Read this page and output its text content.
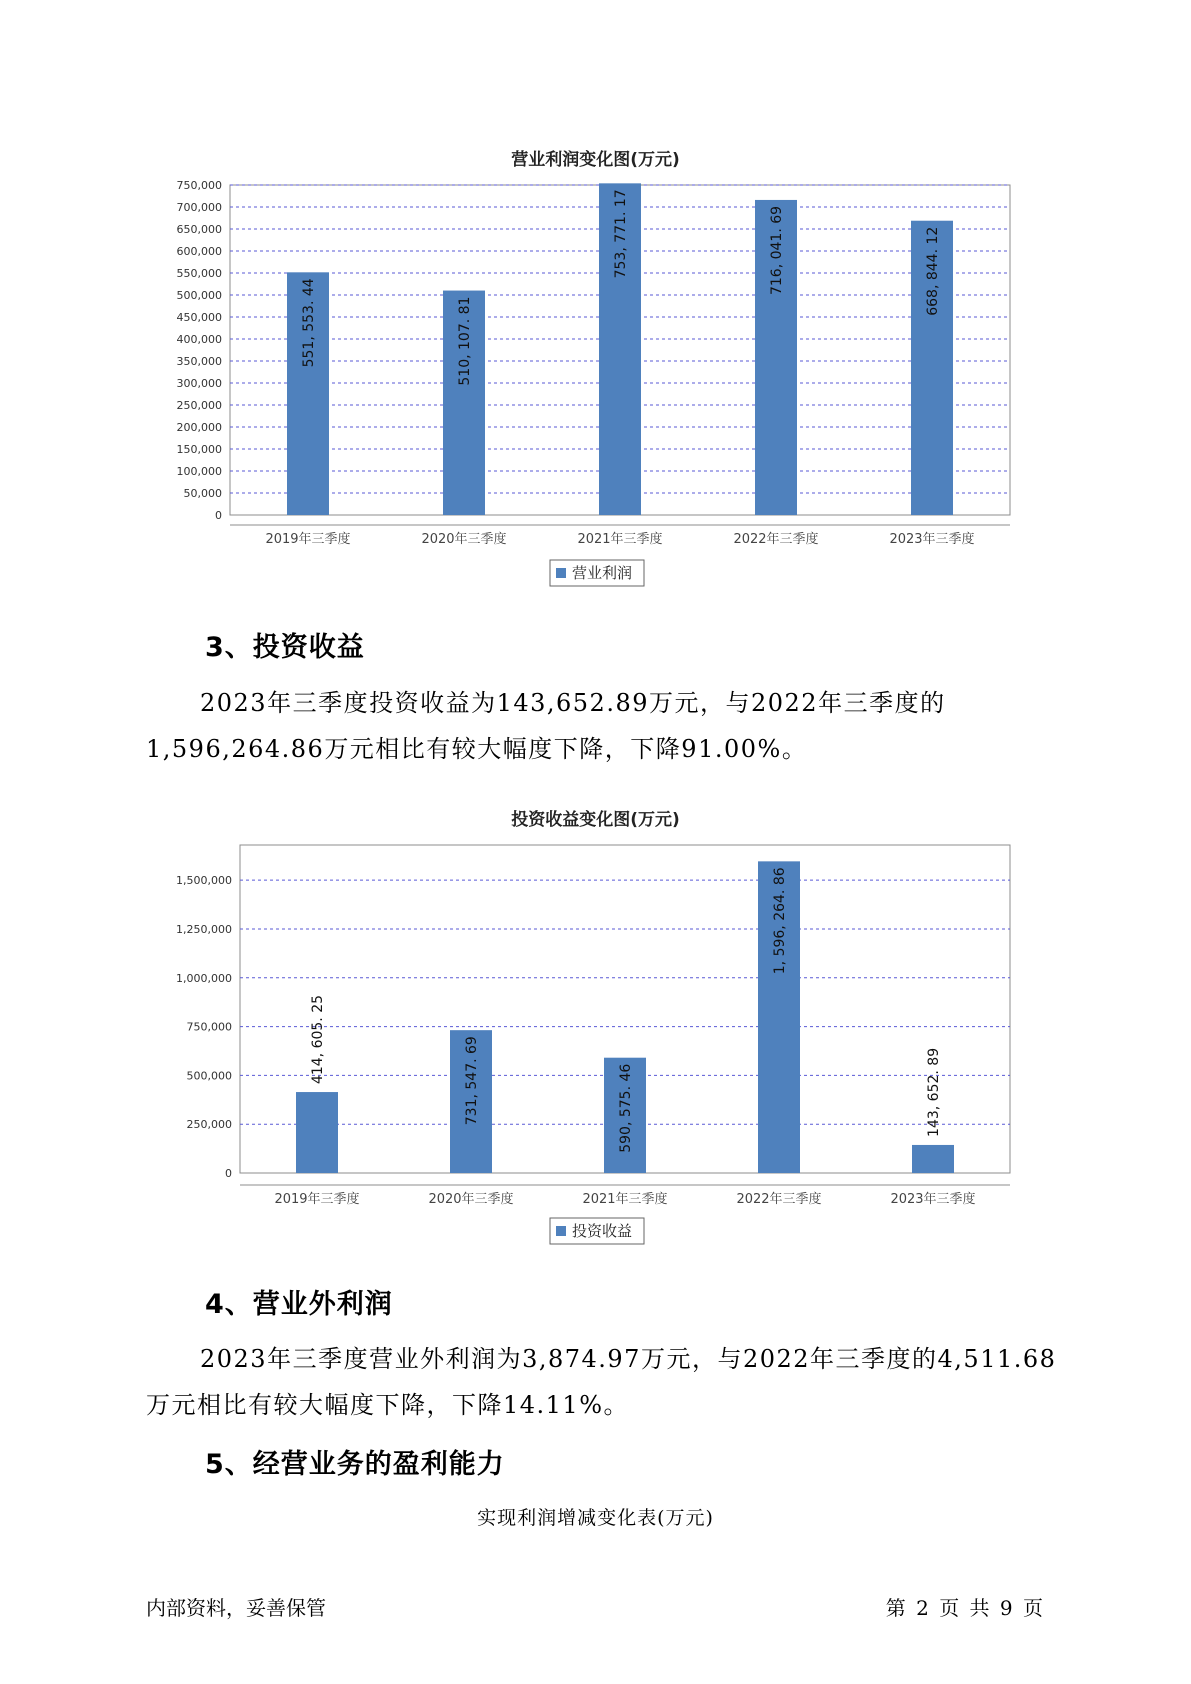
营业利润变化图(万元)
0
50,000
100,000
150,000
200,000
250,000
300,000
350,000
400,000
450,000
500,000
550,000
600,000
650,000
700,000
750,000
2019年三季度
551, 553. 44
2020年三季度
510, 107. 81
2021年三季度
753, 771. 17
2022年三季度
716, 041. 69
2023年三季度
668, 844. 12
营业利润
3、投资收益
2023年三季度投资收益为143,652.89万元，与2022年三季度的
1,596,264.86万元相比有较大幅度下降，下降91.00%。
投资收益变化图(万元)
0
250,000
500,000
750,000
1,000,000
1,250,000
1,500,000
2019年三季度
414, 605. 25
2020年三季度
731, 547. 69
2021年三季度
590, 575. 46
2022年三季度
1, 596, 264. 86
2023年三季度
143, 652. 89
投资收益
4、营业外利润
2023年三季度营业外利润为3,874.97万元，与2022年三季度的4,511.68
万元相比有较大幅度下降，下降14.11%。
5、经营业务的盈利能力
实现利润增减变化表(万元)
内部资料，妥善保管	第 2 页 共 9 页
